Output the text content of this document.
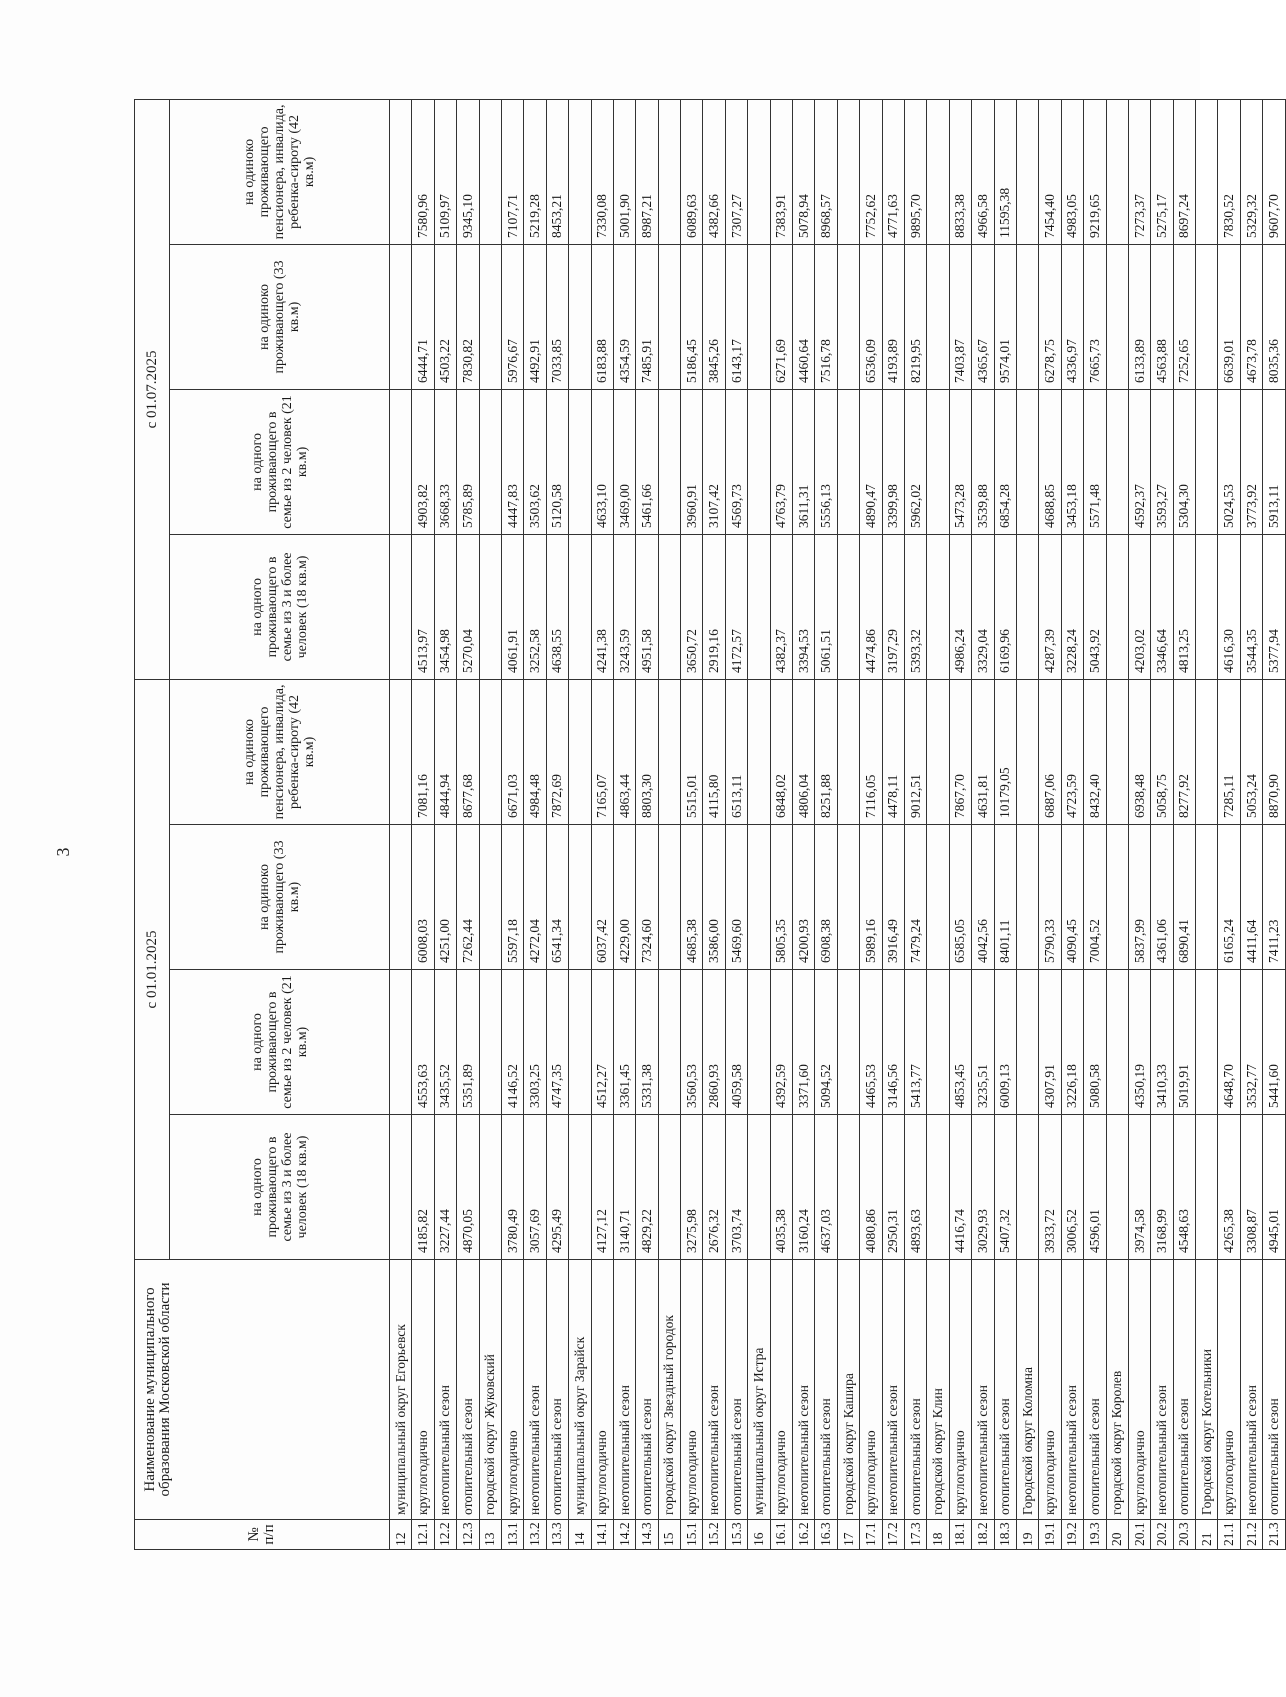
3
№ п/п	Наименование муниципального образования Московской области	с 01.01.2025				с 01.07.2025			
		на одного проживающего в семье из 3 и более человек (18 кв.м)	на одного проживающего в семье из 2 человек (21 кв.м)	на одиноко проживающего (33 кв.м)	на одиноко проживающего пенсионера, инвалида, ребенка-сироту (42 кв.м)	на одного проживающего в семье из 3 и более человек (18 кв.м)	на одного проживающего в семье из 2 человек (21 кв.м)	на одиноко проживающего (33 кв.м)	на одиноко проживающего пенсионера, инвалида, ребенка-сироту (42 кв.м)
12	муниципальный округ Егорьевск								
12.1	круглогодично	4185,82	4553,63	6008,03	7081,16	4513,97	4903,82	6444,71	7580,96
12.2	неотопительный сезон	3227,44	3435,52	4251,00	4844,94	3454,98	3668,33	4503,22	5109,97
12.3	отопительный сезон	4870,05	5351,89	7262,44	8677,68	5270,04	5785,89	7830,82	9345,10
13	городской округ Жуковский								
13.1	круглогодично	3780,49	4146,52	5597,18	6671,03	4061,91	4447,83	5976,67	7107,71
13.2	неотопительный сезон	3057,69	3303,25	4272,04	4984,48	3252,58	3503,62	4492,91	5219,28
13.3	отопительный сезон	4295,49	4747,35	6541,34	7872,69	4638,55	5120,58	7033,85	8453,21
14	муниципальный округ Зарайск								
14.1	круглогодично	4127,12	4512,27	6037,42	7165,07	4241,38	4633,10	6183,88	7330,08
14.2	неотопительный сезон	3140,71	3361,45	4229,00	4863,44	3243,59	3469,00	4354,59	5001,90
14.3	отопительный сезон	4829,22	5331,38	7324,60	8803,30	4951,58	5461,66	7485,91	8987,21
15	городской округ Звездный городок								
15.1	круглогодично	3275,98	3560,53	4685,38	5515,01	3650,72	3960,91	5186,45	6089,63
15.2	неотопительный сезон	2676,32	2860,93	3586,00	4115,80	2919,16	3107,42	3845,26	4382,66
15.3	отопительный сезон	3703,74	4059,58	5469,60	6513,11	4172,57	4569,73	6143,17	7307,27
16	муниципальный округ Истра								
16.1	круглогодично	4035,38	4392,59	5805,35	6848,02	4382,37	4763,79	6271,69	7383,91
16.2	неотопительный сезон	3160,24	3371,60	4200,93	4806,04	3394,53	3611,31	4460,64	5078,94
16.3	отопительный сезон	4637,03	5094,52	6908,38	8251,88	5061,51	5556,13	7516,78	8968,57
17	городской округ Кашира								
17.1	круглогодично	4080,86	4465,53	5989,16	7116,05	4474,86	4890,47	6536,09	7752,62
17.2	неотопительный сезон	2950,31	3146,56	3916,49	4478,11	3197,29	3399,98	4193,89	4771,63
17.3	отопительный сезон	4893,63	5413,77	7479,24	9012,51	5393,32	5962,02	8219,95	9895,70
18	городской округ Клин								
18.1	круглогодично	4416,74	4853,45	6585,05	7867,70	4986,24	5473,28	7403,87	8833,38
18.2	неотопительный сезон	3029,93	3235,51	4042,56	4631,81	3329,04	3539,88	4365,67	4966,58
18.3	отопительный сезон	5407,32	6009,13	8401,11	10179,05	6169,96	6854,28	9574,01	11595,38
19	Городской округ Коломна								
19.1	круглогодично	3933,72	4307,91	5790,33	6887,06	4287,39	4688,85	6278,75	7454,40
19.2	неотопительный сезон	3006,52	3226,18	4090,45	4723,59	3228,24	3453,18	4336,97	4983,05
19.3	отопительный сезон	4596,01	5080,58	7004,52	8432,40	5043,92	5571,48	7665,73	9219,65
20	городской округ Королев								
20.1	круглогодично	3974,58	4350,19	5837,99	6938,48	4203,02	4592,37	6133,89	7273,37
20.2	неотопительный сезон	3168,99	3410,33	4361,06	5058,75	3346,64	3593,27	4563,88	5275,17
20.3	отопительный сезон	4548,63	5019,91	6890,41	8277,92	4813,25	5304,30	7252,65	8697,24
21	Городской округ Котельники								
21.1	круглогодично	4265,38	4648,70	6165,24	7285,11	4616,30	5024,53	6639,01	7830,52
21.2	неотопительный сезон	3308,87	3532,77	4411,64	5053,24	3544,35	3773,92	4673,78	5329,32
21.3	отопительный сезон	4945,01	5441,60	7411,23	8870,90	5377,94	5913,11	8035,36	9607,70
